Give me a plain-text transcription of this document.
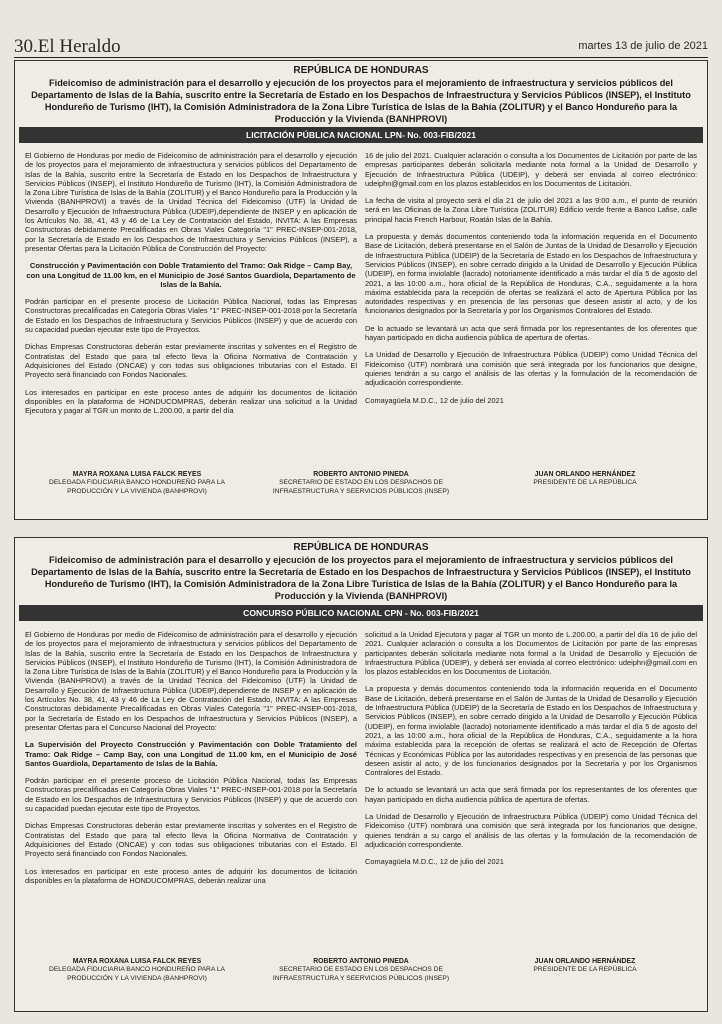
30.El Heraldo	martes 13 de julio de 2021
REPÚBLICA DE HONDURAS
Fideicomiso de administración para el desarrollo y ejecución de los proyectos para el mejoramiento de infraestructura y servicios públicos del Departamento de Islas de la Bahía, suscrito entre la Secretaría de Estado en los Despachos de Infraestructura y Servicios Públicos (INSEP), el Instituto Hondureño de Turismo (IHT), la Comisión Administradora de la Zona Libre Turística de Islas de la Bahía (ZOLITUR) y el Banco Hondureño para la Producción y la Vivienda (BANHPROVI)
LICITACIÓN PÚBLICA NACIONAL LPN- No. 003-FIB/2021

El Gobierno de Honduras por medio de Fideicomiso de administración para el desarrollo y ejecución de los proyectos para el mejoramiento de infraestructura y servicios públicos del Departamento de Islas de la Bahía, suscrito entre la Secretaría de Estado en los Despachos de Infraestructura y Servicios Públicos (INSEP), el Instituto Hondureño de Turismo (IHT), la Comisión Administradora de la Zona Libre Turística de Islas de la Bahía (ZOLITUR) y el Banco Hondureño para la Producción y la Vivienda (BANHPROVI) a través de la Unidad Técnica del Fideicomiso (UTF) la Unidad de Desarrollo y Ejecución de Infraestructura Pública (UDEIP),dependiente de INSEP y en aplicación de los Artículos No. 38, 41, 43 y 46 de La Ley de Contratación del Estado, INVITA: A las Empresas Constructoras debidamente Precalificadas en Obras Viales Categoría "1" PREC-INSEP-001-2018, por la Secretaría de Estado en los Despachos de Infraestructura y Servicios Públicos (INSEP), a presentar Ofertas para la Licitación Pública de Construcción del Proyecto:

Construcción y Pavimentación con Doble Tratamiento del Tramo: Oak Ridge – Camp Bay, con una Longitud de 11.00 km, en el Municipio de José Santos Guardiola, Departamento de Islas de la Bahía.

Podrán participar en el presente proceso de Licitación Pública Nacional, todas las Empresas Constructoras precalificadas en Categoría Obras Viales "1" PREC-INSEP-001-2018 por la Secretaría de Estado en los Despachos de Infraestructura y Servicios Públicos (INSEP) y que de acuerdo con su capacidad puedan ejecutar este tipo de Proyectos.

Dichas Empresas Constructoras deberán estar previamente inscritas y solventes en el Registro de Contratistas del Estado que para tal efecto lleva la Oficina Normativa de Contratación y Adquisiciones del Estado (ONCAE) y con todas sus obligaciones tributarias con el Estado. El Proyecto será financiado con Fondos Nacionales.

Los interesados en participar en este proceso antes de adquirir los documentos de licitación disponibles en la plataforma de HONDUCOMPRAS, deberán realizar una solicitud a la Unidad Ejecutora y pagar al TGR un monto de L.200.00, a partir del día

16 de julio del 2021. Cualquier aclaración o consulta a los Documentos de Licitación por parte de las empresas participantes deberán solicitarla mediante nota formal a la Unidad de Desarrollo y Ejecución de Infraestructura Pública (UDEIP), y deberá ser enviada al correo electrónico: udeiphn@gmail.com en los plazos establecidos en los Documentos de Licitación.

La fecha de visita al proyecto será el día 21 de julio del 2021 a las 9:00 a.m., el punto de reunión será en las Oficinas de la Zona Libre Turística (ZOLITUR) Edificio verde frente a Banco Lafise, calle principal hacia French Harbour, Roatán Islas de la Bahía.

La propuesta y demás documentos conteniendo toda la información requerida en el Documento Base de Licitación, deberá presentarse en el Salón de Juntas de la Unidad de Desarrollo y Ejecución de Infraestructura Pública (UDEIP) de la Secretaría de Estado en los Despachos de Infraestructura y Servicios Públicos (INSEP), en sobre cerrado dirigido a la Unidad de Desarrollo y Ejecución Pública (UDEIP), en forma inviolable (lacrado) notoriamente identificado a más tardar el día 5 de agosto del 2021, a las 10:00 a.m., hora oficial de la República de Honduras, C.A., seguidamente a la hora máxima establecida para la recepción de ofertas se realizará el acto de Apertura Pública por las autoridades respectivas y en presencia de las personas que deseen asistir al acto, y de los funcionarios designados por la Secretaría y por los Organismos Contralores del Estado.

De lo actuado se levantará un acta que será firmada por los representantes de los oferentes que hayan participado en dicha audiencia pública de apertura de ofertas.

La Unidad de Desarrollo y Ejecución de Infraestructura Pública (UDEIP) como Unidad Técnica del Fideicomiso (UTF) nombrará una comisión que será integrada por los funcionarios que designe, quienes tendrán a su cargo el análisis de las ofertas y la formulación de la recomendación de adjudicación correspondiente.

Comayagüela M.D.C., 12 de julio del 2021

MAYRA ROXANA LUISA FALCK REYES
DELEGADA FIDUCIARIA BANCO HONDUREÑO PARA LA PRODUCCIÓN Y LA VIVIENDA (BANHPROVI)
ROBERTO ANTONIO PINEDA
SECRETARIO DE ESTADO EN LOS DESPACHOS DE INFRAESTRUCTURA Y SEERVICIOS PÚBLICOS (INSEP)
JUAN ORLANDO HERNÁNDEZ
PRESIDENTE DE LA REPÚBLICA
REPÚBLICA DE HONDURAS
Fideicomiso de administración para el desarrollo y ejecución de los proyectos para el mejoramiento de infraestructura y servicios públicos del Departamento de Islas de la Bahía, suscrito entre la Secretaría de Estado en los Despachos de Infraestructura y Servicios Públicos (INSEP), el Instituto Hondureño de Turismo (IHT), la Comisión Administradora de la Zona Libre Turística de Islas de la Bahía (ZOLITUR) y el Banco Hondureño para la Producción y la Vivienda (BANHPROVI)
CONCURSO PÚBLICO NACIONAL CPN - No. 003-FIB/2021

El Gobierno de Honduras por medio de Fideicomiso de administración para el desarrollo y ejecución de los proyectos para el mejoramiento de infraestructura y servicios públicos del Departamento de Islas de la Bahía, suscrito entre la Secretaría de Estado en los Despachos de Infraestructura y Servicios Públicos (INSEP), el Instituto Hondureño de Turismo (IHT), la Comisión Administradora de la Zona Libre Turística de Islas de la Bahía (ZOLITUR) y el Banco Hondureño para la Producción y la Vivienda (BANHPROVI) a través de la Unidad Técnica del Fideicomiso (UTF) la Unidad de Desarrollo y Ejecución de Infraestructura Pública (UDEIP),dependiente de INSEP y en aplicación de los Artículos No. 38, 41, 43 y 46 de La Ley de Contratación del Estado, INVITA: A las Empresas Constructoras debidamente Precalificadas en Obras Viales Categoría "1" PREC-INSEP-001-2018, por la Secretaría de Estado en los Despachos de Infraestructura y Servicios Públicos (INSEP), a presentar Ofertas para el Concurso Nacional del Proyecto:

La Supervisión del Proyecto Construcción y Pavimentación con Doble Tratamiento del Tramo: Oak Ridge – Camp Bay, con una Longitud de 11.00 km, en el Municipio de José Santos Guardiola, Departamento de Islas de la Bahía.

Podrán participar en el presente proceso de Licitación Pública Nacional, todas las Empresas Constructoras precalificadas en Categoría Obras Viales "1" PREC-INSEP-001-2018 por la Secretaría de Estado en los Despachos de Infraestructura y Servicios Públicos (INSEP) y que de acuerdo con su capacidad puedan ejecutar este tipo de Proyectos.

Dichas Empresas Constructoras deberán estar previamente inscritas y solventes en el Registro de Contratistas del Estado que para tal efecto lleva la Oficina Normativa de Contratación y Adquisiciones del Estado (ONCAE) y con todas sus obligaciones tributarias con el Estado. El Proyecto será financiado con Fondos Nacionales.

Los interesados en participar en este proceso antes de adquirir los documentos de licitación disponibles en la plataforma de HONDUCOMPRAS, deberán realizar una

solicitud a la Unidad Ejecutora y pagar al TGR un monto de L.200.00, a partir del día 16 de julio del 2021. Cualquier aclaración o consulta a los Documentos de Licitación por parte de las empresas participantes deberán solicitarla mediante nota formal a la Unidad de Desarrollo y Ejecución de Infraestructura Pública (UDEIP), y deberá ser enviada al correo electrónico: udeiphn@gmail.com en los plazos establecidos en los Documentos de Licitación.

La propuesta y demás documentos conteniendo toda la información requerida en el Documento Base de Licitación, deberá presentarse en el Salón de Juntas de la Unidad de Desarrollo y Ejecución de Infraestructura Pública (UDEIP) de la Secretaría de Estado en los Despachos de Infraestructura y Servicios Públicos (INSEP), en sobre cerrado dirigido a la Unidad de Desarrollo y Ejecución Pública (UDEIP), en forma inviolable (lacrado) notoriamente identificado a más tardar el día 5 de agosto del 2021, a las 10:00 a.m., hora oficial de la República de Honduras, C.A., seguidamente a la hora máxima establecida para la recepción de ofertas se realizará el acto de Recepción de Ofertas Técnicas y Económicas Pública por las autoridades respectivas y en presencia de las personas que deseen asistir al acto, y de los funcionarios designados por la Secretaría y por los Organismos Contralores del Estado.

De lo actuado se levantará un acta que será firmada por los representantes de los oferentes que hayan participado en dicha audiencia pública de apertura de ofertas.

La Unidad de Desarrollo y Ejecución de Infraestructura Pública (UDEIP) como Unidad Técnica del Fideicomiso (UTF) nombrará una comisión que será integrada por los funcionarios que designe, quienes tendrán a su cargo el análisis de las ofertas y la formulación de la recomendación de adjudicación correspondiente.

Comayagüela M.D.C., 12 de julio del 2021

MAYRA ROXANA LUISA FALCK REYES
DELEGADA FIDUCIARIA BANCO HONDUREÑO PARA LA PRODUCCIÓN Y LA VIVIENDA (BANHPROVI)
ROBERTO ANTONIO PINEDA
SECRETARIO DE ESTADO EN LOS DESPACHOS DE INFRAESTRUCTURA Y SEERVICIOS PÚBLICOS (INSEP)
JUAN ORLANDO HERNÁNDEZ
PRESIDENTE DE LA REPÚBLICA
